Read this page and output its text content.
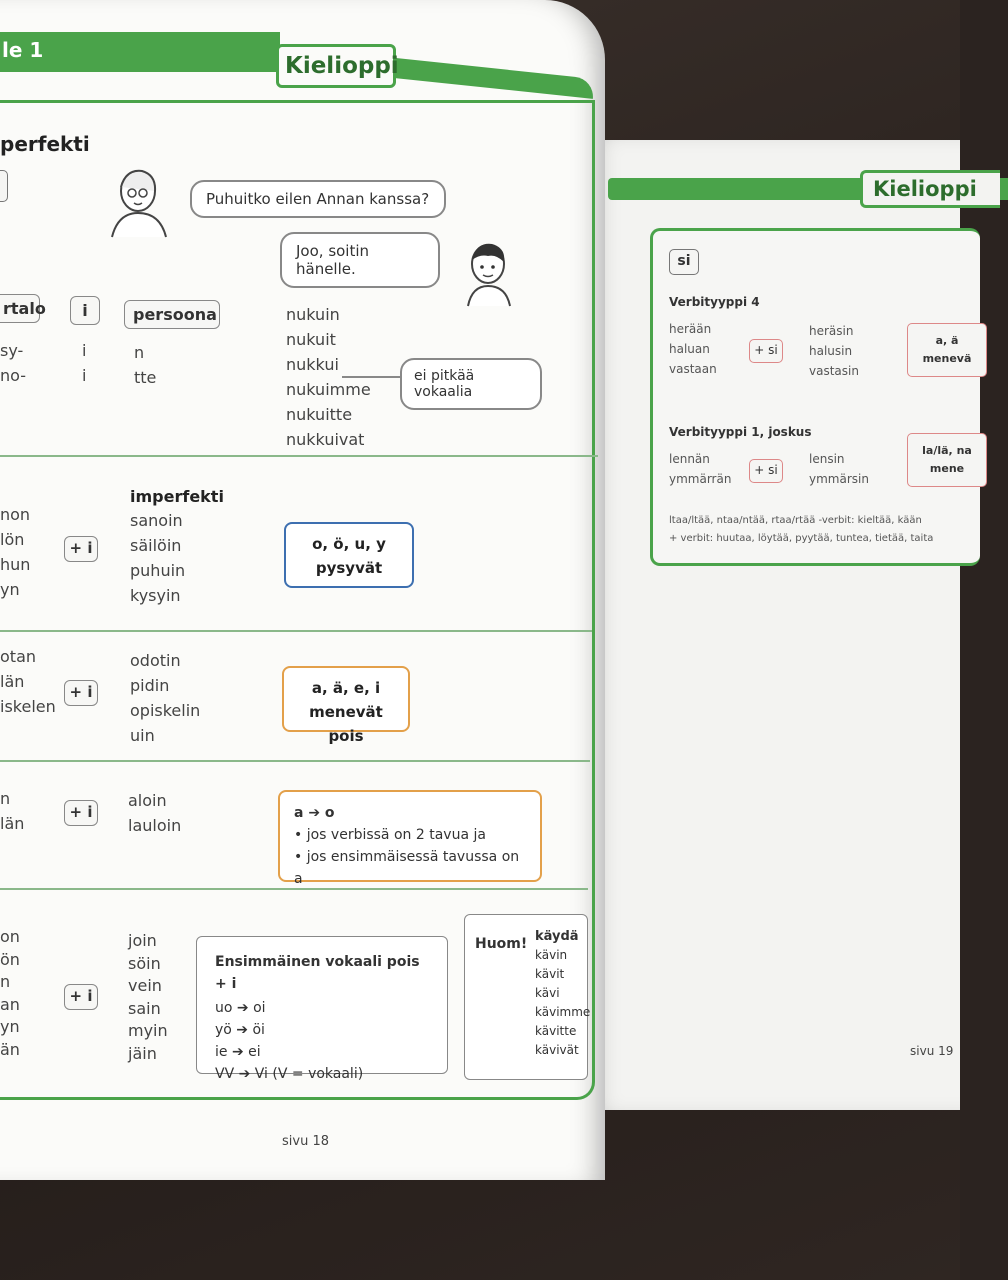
Kielioppi
si
Verbityyppi 4
herään
haluan
vastaan
+ si
heräsin
halusin
vastasin
a, ä
menevä
Verbityyppi 1, joskus
lennän
ymmärrän
+ si
lensin
ymmärsin
la/lä, na
mene
ltaa/ltää, ntaa/ntää, rtaa/rtää -verbit: kieltää, kään
+ verbit: huutaa, löytää, pyytää, tuntea, tietää, taita
sivu 19
le 1
Kielioppi
perfekti
Puhuitko eilen Annan kanssa?
Joo, soitin hänelle.
rtalo	i	persoona
sy-
no-
i
i
n
tte
nukuin
nukuit
nukkui
nukuimme
nukuitte
nukkuivat
ei pitkää vokaalia
imperfekti
non
lön
hun
yn
+ i
sanoin
säilöin
puhuin
kysyin
o, ö, u, y
pysyvät
otan
län
iskelen
+ i
odotin
pidin
opiskelin
uin
a, ä, e, i
menevät pois
n
län
+ i
aloin
lauloin
a ➔ o
• jos verbissä on 2 tavua ja
• jos ensimmäisessä tavussa on a
on
ön
n
an
yn
än
+ i
join
söin
vein
sain
myin
jäin
Ensimmäinen vokaali pois + i
uo ➔ oi
yö ➔ öi
ie ➔ ei
VV ➔ Vi (V = vokaali)
Huom! käydä
kävin
kävit
kävi
kävimme
kävitte
kävivät
sivu 18
